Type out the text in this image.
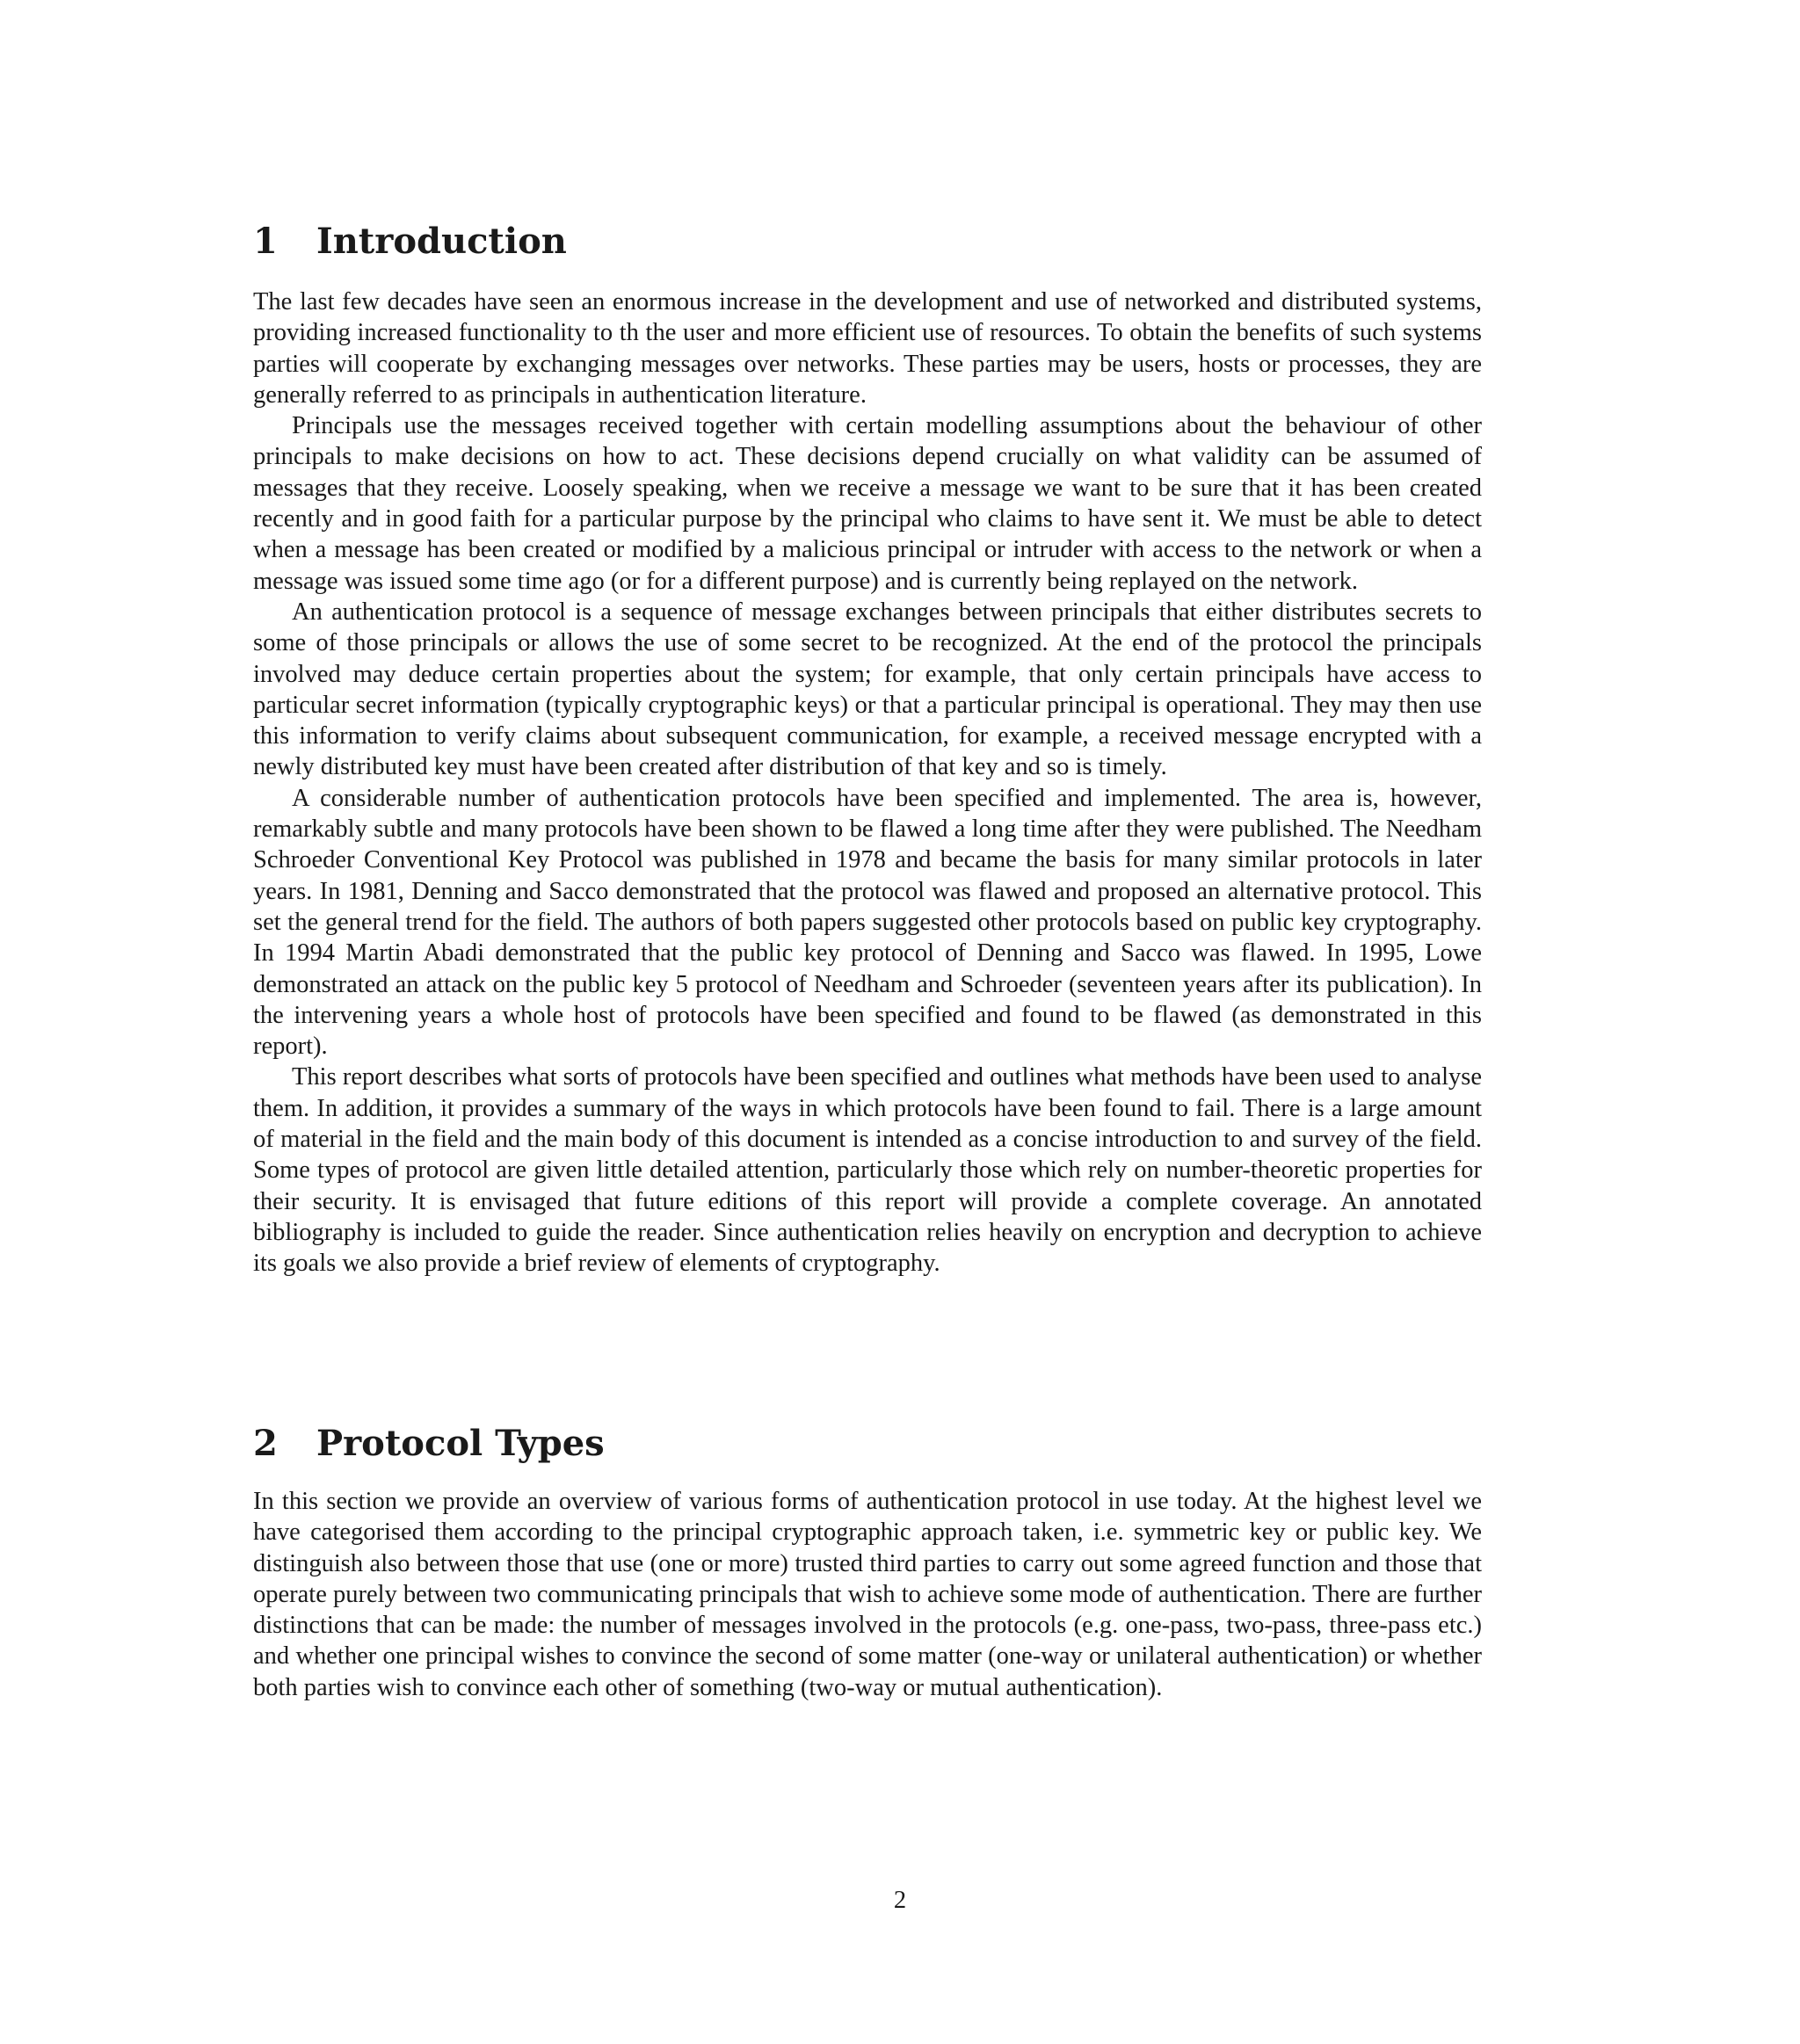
1 Introduction

The last few decades have seen an enormous increase in the development and use of networked and distributed systems, providing increased functionality to th the user and more efficient use of resources. To obtain the benefits of such systems parties will cooperate by exchanging messages over networks. These parties may be users, hosts or processes, they are generally referred to as principals in authentication literature.

Principals use the messages received together with certain modelling assumptions about the behaviour of other principals to make decisions on how to act. These decisions depend crucially on what validity can be assumed of messages that they receive. Loosely speaking, when we receive a message we want to be sure that it has been created recently and in good faith for a particular purpose by the principal who claims to have sent it. We must be able to detect when a message has been created or modified by a malicious principal or intruder with access to the network or when a message was issued some time ago (or for a different purpose) and is currently being replayed on the network.

An authentication protocol is a sequence of message exchanges between principals that either distributes secrets to some of those principals or allows the use of some secret to be recognized. At the end of the protocol the principals involved may deduce certain properties about the system; for example, that only certain principals have access to particular secret information (typically cryptographic keys) or that a particular principal is operational. They may then use this information to verify claims about subsequent communication, for example, a received message encrypted with a newly distributed key must have been created after distribution of that key and so is timely.

A considerable number of authentication protocols have been specified and implemented. The area is, however, remarkably subtle and many protocols have been shown to be flawed a long time after they were published. The Needham Schroeder Conventional Key Protocol was published in 1978 and became the basis for many similar protocols in later years. In 1981, Denning and Sacco demonstrated that the protocol was flawed and proposed an alternative protocol. This set the general trend for the field. The authors of both papers suggested other protocols based on public key cryptography. In 1994 Martin Abadi demonstrated that the public key protocol of Denning and Sacco was flawed. In 1995, Lowe demonstrated an attack on the public key 5 protocol of Needham and Schroeder (seventeen years after its publication). In the intervening years a whole host of protocols have been specified and found to be flawed (as demonstrated in this report).

This report describes what sorts of protocols have been specified and outlines what methods have been used to analyse them. In addition, it provides a summary of the ways in which protocols have been found to fail. There is a large amount of material in the field and the main body of this document is intended as a concise introduction to and survey of the field. Some types of protocol are given little detailed attention, particularly those which rely on number-theoretic properties for their security. It is envisaged that future editions of this report will provide a complete coverage. An annotated bibliography is included to guide the reader. Since authentication relies heavily on encryption and decryption to achieve its goals we also provide a brief review of elements of cryptography.

2 Protocol Types

In this section we provide an overview of various forms of authentication protocol in use today. At the highest level we have categorised them according to the principal cryptographic approach taken, i.e. symmetric key or public key. We distinguish also between those that use (one or more) trusted third parties to carry out some agreed function and those that operate purely between two communicating principals that wish to achieve some mode of authentication. There are further distinctions that can be made: the number of messages involved in the protocols (e.g. one-pass, two-pass, three-pass etc.) and whether one principal wishes to convince the second of some matter (one-way or unilateral authentication) or whether both parties wish to convince each other of something (two-way or mutual authentication).

2
